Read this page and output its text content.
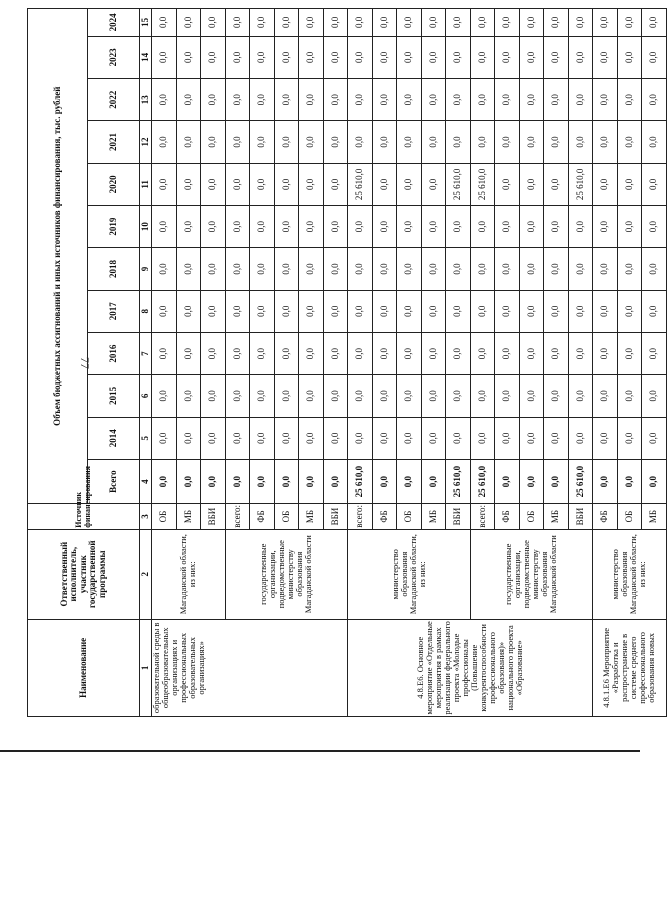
77
Наименование	Ответственный исполнитель, участник государственной программы	Источник финансирования	Объем бюджетных ассигнований и иных источников финансирования, тыс. рублей											
			Всего	2014	2015	2016	2017	2018	2019	2020	2021	2022	2023	2024
1	2	3	4	5	6	7	8	9	10	11	12	13	14	15
образовательной среды в общеобразовательных организациях и профессиональных образовательных организациях»	Магаданской области, из них:	ОБ	0,0	0,0	0,0	0,0	0,0	0,0	0,0	0,0	0,0	0,0	0,0	0,0
		МБ	0,0	0,0	0,0	0,0	0,0	0,0	0,0	0,0	0,0	0,0	0,0	0,0
		ВБИ	0,0	0,0	0,0	0,0	0,0	0,0	0,0	0,0	0,0	0,0	0,0	0,0
	государственные организации, подведомственные министерству образования Магаданской области	всего:	0,0	0,0	0,0	0,0	0,0	0,0	0,0	0,0	0,0	0,0	0,0	0,0
		ФБ	0,0	0,0	0,0	0,0	0,0	0,0	0,0	0,0	0,0	0,0	0,0	0,0
		ОБ	0,0	0,0	0,0	0,0	0,0	0,0	0,0	0,0	0,0	0,0	0,0	0,0
		МБ	0,0	0,0	0,0	0,0	0,0	0,0	0,0	0,0	0,0	0,0	0,0	0,0
		ВБИ	0,0	0,0	0,0	0,0	0,0	0,0	0,0	0,0	0,0	0,0	0,0	0,0
4.8.Е6. Основное мероприятие «Отдельные мероприятия в рамках реализации федерального проекта «Молодые профессионалы (Повышение конкурентоспособности профессионального образования)» национального проекта «Образование»	министерство образования Магаданской области, из них:	всего:	25 610,0	0,0	0,0	0,0	0,0	0,0	0,0	25 610,0	0,0	0,0	0,0	0,0
		ФБ	0,0	0,0	0,0	0,0	0,0	0,0	0,0	0,0	0,0	0,0	0,0	0,0
		ОБ	0,0	0,0	0,0	0,0	0,0	0,0	0,0	0,0	0,0	0,0	0,0	0,0
		МБ	0,0	0,0	0,0	0,0	0,0	0,0	0,0	0,0	0,0	0,0	0,0	0,0
		ВБИ	25 610,0	0,0	0,0	0,0	0,0	0,0	0,0	25 610,0	0,0	0,0	0,0	0,0
	государственные организации, подведомственные министерству образования Магаданской области	всего:	25 610,0	0,0	0,0	0,0	0,0	0,0	0,0	25 610,0	0,0	0,0	0,0	0,0
		ФБ	0,0	0,0	0,0	0,0	0,0	0,0	0,0	0,0	0,0	0,0	0,0	0,0
		ОБ	0,0	0,0	0,0	0,0	0,0	0,0	0,0	0,0	0,0	0,0	0,0	0,0
		МБ	0,0	0,0	0,0	0,0	0,0	0,0	0,0	0,0	0,0	0,0	0,0	0,0
		ВБИ	25 610,0	0,0	0,0	0,0	0,0	0,0	0,0	25 610,0	0,0	0,0	0,0	0,0
4.8.1.Е6 Мероприятие «Разработка и распространение в системе среднего профессионального образования новых	министерство образования Магаданской области, из них:	ФБ	0,0	0,0	0,0	0,0	0,0	0,0	0,0	0,0	0,0	0,0	0,0	0,0
		ОБ	0,0	0,0	0,0	0,0	0,0	0,0	0,0	0,0	0,0	0,0	0,0	0,0
		МБ	0,0	0,0	0,0	0,0	0,0	0,0	0,0	0,0	0,0	0,0	0,0	0,0
